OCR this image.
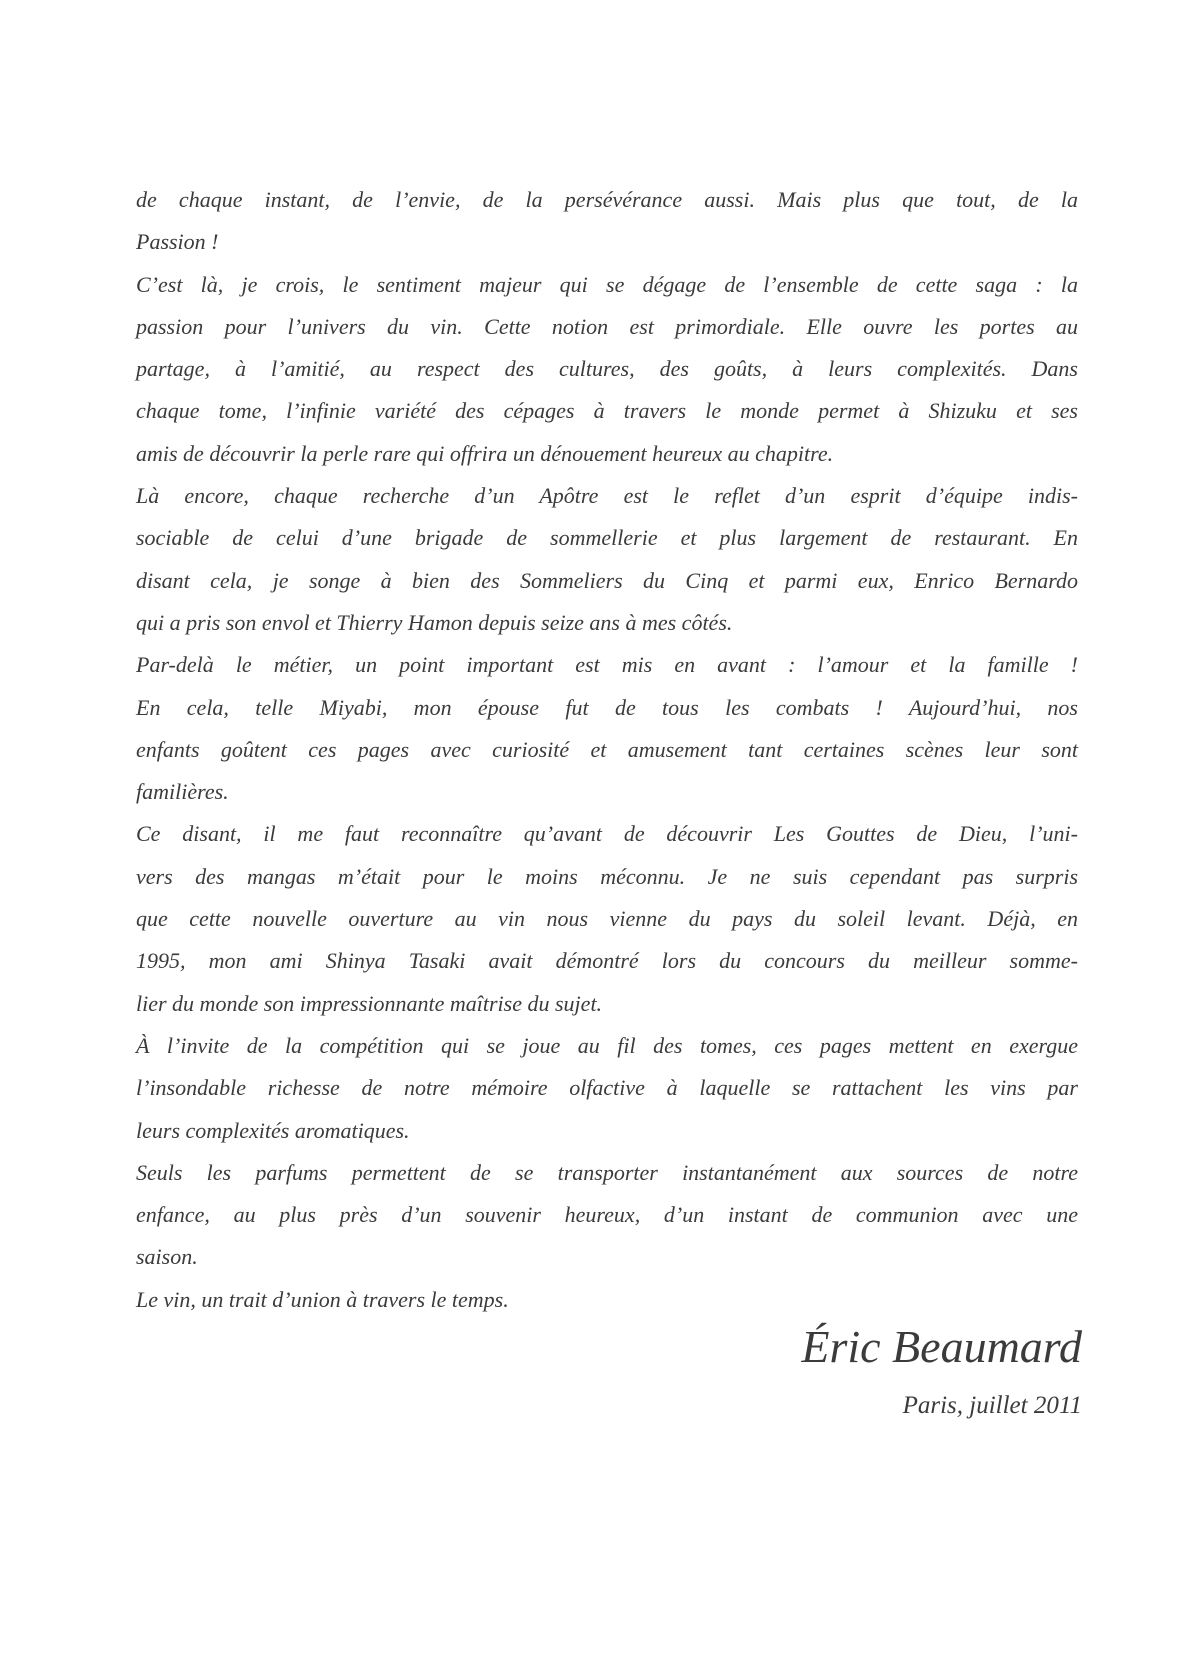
de chaque instant, de l’envie, de la persévérance aussi. Mais plus que tout, de la
Passion !
C’est là, je crois, le sentiment majeur qui se dégage de l’ensemble de cette saga : la
passion pour l’univers du vin. Cette notion est primordiale. Elle ouvre les portes au
partage, à l’amitié, au respect des cultures, des goûts, à leurs complexités. Dans
chaque tome, l’infinie variété des cépages à travers le monde permet à Shizuku et ses
amis de découvrir la perle rare qui offrira un dénouement heureux au chapitre.
Là encore, chaque recherche d’un Apôtre est le reflet d’un esprit d’équipe indis-
sociable de celui d’une brigade de sommellerie et plus largement de restaurant. En
disant cela, je songe à bien des Sommeliers du Cinq et parmi eux, Enrico Bernardo
qui a pris son envol et Thierry Hamon depuis seize ans à mes côtés.
Par-delà le métier, un point important est mis en avant : l’amour et la famille !
En cela, telle Miyabi, mon épouse fut de tous les combats ! Aujourd’hui, nos
enfants goûtent ces pages avec curiosité et amusement tant certaines scènes leur sont
familières.
Ce disant, il me faut reconnaître qu’avant de découvrir Les Gouttes de Dieu, l’uni-
vers des mangas m’était pour le moins méconnu. Je ne suis cependant pas surpris
que cette nouvelle ouverture au vin nous vienne du pays du soleil levant. Déjà, en
1995, mon ami Shinya Tasaki avait démontré lors du concours du meilleur somme-
lier du monde son impressionnante maîtrise du sujet.
À l’invite de la compétition qui se joue au fil des tomes, ces pages mettent en exergue
l’insondable richesse de notre mémoire olfactive à laquelle se rattachent les vins par
leurs complexités aromatiques.
Seuls les parfums permettent de se transporter instantanément aux sources de notre
enfance, au plus près d’un souvenir heureux, d’un instant de communion avec une
saison.
Le vin, un trait d’union à travers le temps.
Éric Beaumard
Paris, juillet 2011
